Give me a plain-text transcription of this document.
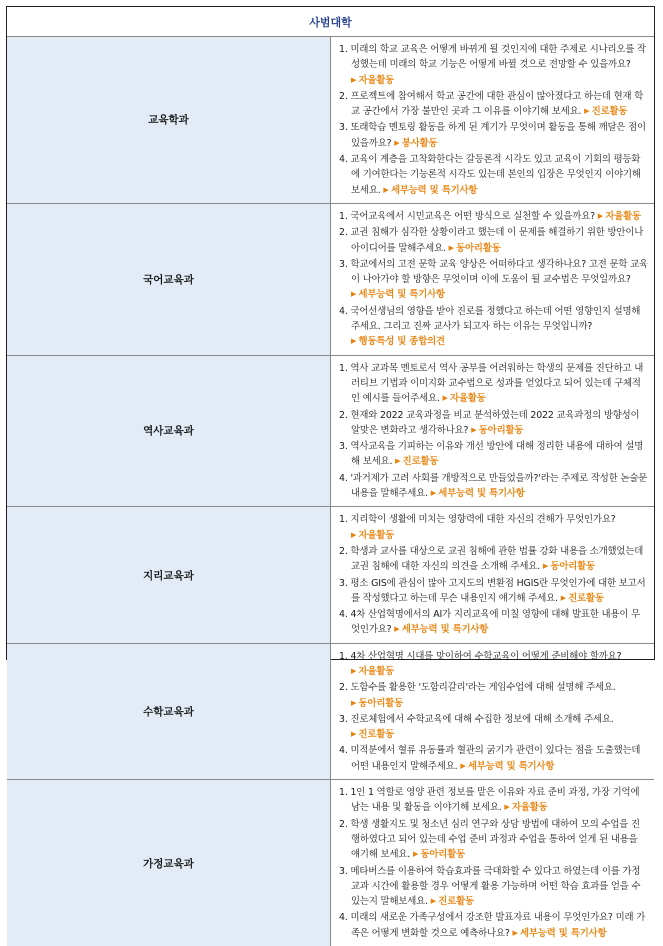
사범대학	
교육학과	1. 미래의 학교 교육은 어떻게 바뀌게 될 것인지에 대한 주제로 시나리오를 작성했는데 미래의 학교 기능은 어떻게 바뀔 것으로 전망할 수 있을까요? ▶ 자율활동
2. 프로젝트에 참여해서 학교 공간에 대한 관심이 많아졌다고 하는데 현재 학교 공간에서 가장 불만인 곳과 그 이유를 이야기해 보세요. ▶ 진로활동
3. 또래학습 멘토링 활동을 하게 된 계기가 무엇이며 활동을 통해 깨달은 점이 있을까요? ▶ 봉사활동
4. 교육이 계층을 고착화한다는 갈등론적 시각도 있고 교육이 기회의 평등화에 기여한다는 기능론적 시각도 있는데 본인의 입장은 무엇인지 이야기해 보세요. ▶ 세부능력 및 특기사항

국어교육과	1. 국어교육에서 시민교육은 어떤 방식으로 실천할 수 있을까요? ▶ 자율활동
2. 교권 침해가 심각한 상황이라고 했는데 이 문제를 해결하기 위한 방안이나 아이디어를 말해주세요. ▶ 동아리활동
3. 학교에서의 고전 문학 교육 양상은 어떠하다고 생각하나요? 고전 문학 교육이 나아가야 할 방향은 무엇이며 이에 도움이 될 교수법은 무엇일까요? ▶ 세부능력 및 특기사항
4. 국어선생님의 영향을 받아 진로를 정했다고 하는데 어떤 영향인지 설명해 주세요. 그리고 진짜 교사가 되고자 하는 이유는 무엇입니까? ▶ 행동특성 및 종합의견

역사교육과	1. 역사 교과목 멘토로서 역사 공부를 어려워하는 학생의 문제를 진단하고 내러티브 기법과 이미지화 교수법으로 성과를 얻었다고 되어 있는데 구체적인 예시를 들어주세요. ▶ 자율활동
2. 현재와 2022 교육과정을 비교 분석하였는데 2022 교육과정의 방향성이 알맞은 변화라고 생각하나요? ▶ 동아리활동
3. 역사교육을 기피하는 이유와 개선 방안에 대해 정리한 내용에 대하여 설명해 보세요. ▶ 진로활동
4. '과거제가 고려 사회를 개방적으로 만들었을까?'라는 주제로 작성한 논술문 내용을 말해주세요. ▶ 세부능력 및 특기사항

지리교육과	1. 지리학이 생활에 미치는 영향력에 대한 자신의 견해가 무엇인가요? ▶ 자율활동
2. 학생과 교사를 대상으로 교권 침해에 관한 법률 강화 내용을 소개했었는데 교권 침해에 대한 자신의 의견을 소개해 주세요. ▶ 동아리활동
3. 평소 GIS에 관심이 많아 고지도의 변환점 HGIS란 무엇인가에 대한 보고서를 작성했다고 하는데 무슨 내용인지 얘기해 주세요. ▶ 진로활동
4. 4차 산업혁명에서의 AI가 지리교육에 미칠 영향에 대해 발표한 내용이 무엇인가요? ▶ 세부능력 및 특기사항

수학교육과	1. 4차 산업혁명 시대를 맞이하여 수학교육이 어떻게 준비해야 할까요? ▶ 자율활동
2. 도함수를 활용한 '도함리갈리'라는 게임수업에 대해 설명해 주세요. ▶ 동아리활동
3. 진로체험에서 수학교육에 대해 수집한 정보에 대해 소개해 주세요. ▶ 진로활동
4. 미적분에서 혈류 유동률과 혈관의 굵기가 관련이 있다는 점을 도출했는데 어떤 내용인지 말해주세요. ▶ 세부능력 및 특기사항

가정교육과	1. 1인 1 역할로 영양 관련 정보를 맡은 이유와 자료 준비 과정, 가장 기억에 남는 내용 및 활동을 이야기해 보세요. ▶ 자율활동
2. 학생 생활지도 및 청소년 심리 연구와 상담 방법에 대하여 모의 수업을 진행하였다고 되어 있는데 수업 준비 과정과 수업을 통하여 얻게 된 내용을 얘기해 보세요. ▶ 동아리활동
3. 메타버스를 이용하여 학습효과를 극대화할 수 있다고 하였는데 이를 가정교과 시간에 활용할 경우 어떻게 활용 가능하며 어떤 학습 효과를 얻을 수 있는지 말해보세요. ▶ 진로활동
4. 미래의 새로운 가족구성에서 강조한 발표자료 내용이 무엇인가요? 미래 가족은 어떻게 변화할 것으로 예측하나요? ▶ 세부능력 및 특기사항
